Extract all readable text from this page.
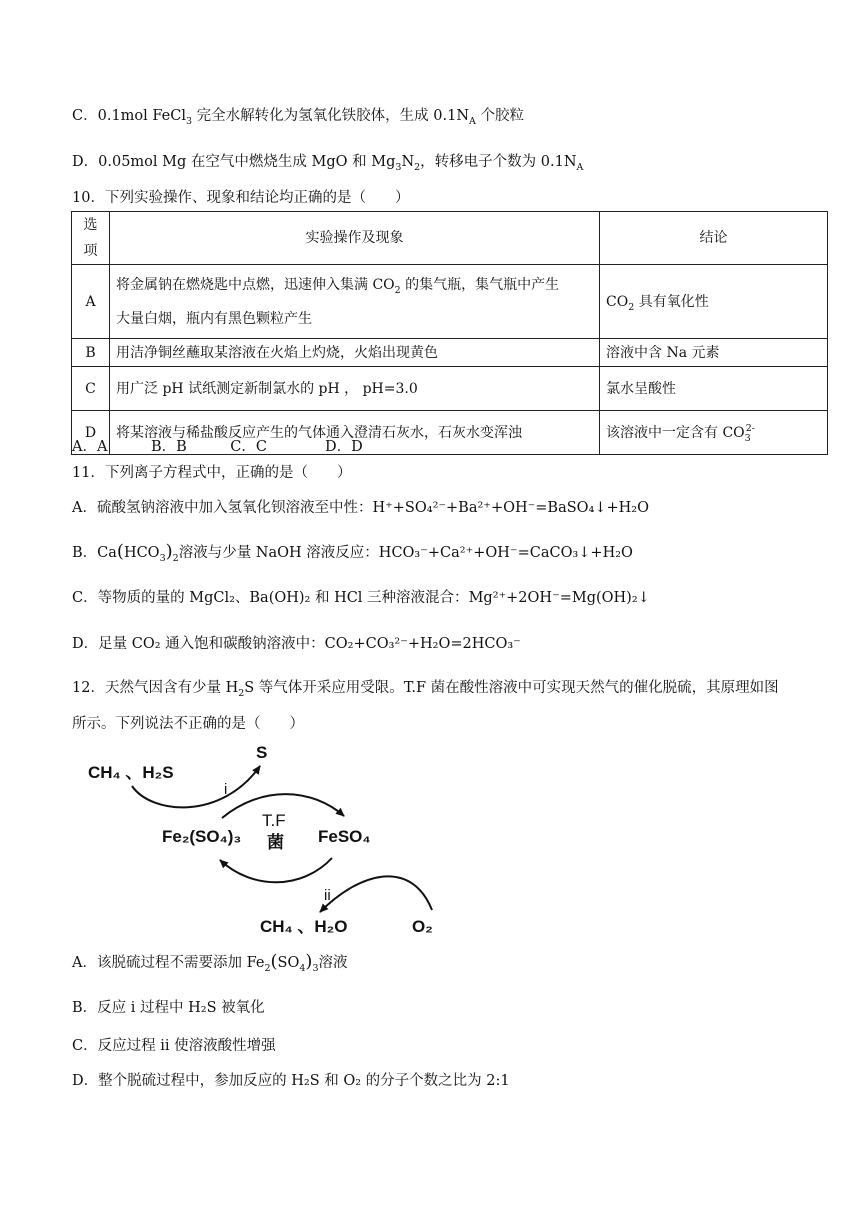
C．0.1mol FeCl$_3$ 完全水解转化为氢氧化铁胶体，生成 $0.1N_A$ 个胶粒
D．0.05mol Mg 在空气中燃烧生成 MgO 和 $Mg_3N_2$，转移电子个数为 $0.1N_A$
10．下列实验操作、现象和结论均正确的是（　　）
选项	实验操作及现象	结论
A	将金属钠在燃烧匙中点燃，迅速伸入集满 $CO_2$ 的集气瓶，集气瓶中产生
大量白烟，瓶内有黑色颗粒产生	$CO_2$ 具有氧化性
B	用洁净铜丝蘸取某溶液在火焰上灼烧，火焰出现黄色	溶液中含 Na 元素
C	用广泛 pH 试纸测定新制氯水的 pH ， pH=3.0	氯水呈酸性
D	将某溶液与稀盐酸反应产生的气体通入澄清石灰水，石灰水变浑浊	该溶液中一定含有 $CO_3^{2-}$
A．A　　　B．B　　　C．C　　　　D．D
11．下列离子方程式中，正确的是（　　）
A．硫酸氢钠溶液中加入氢氧化钡溶液至中性：H⁺+SO₄²⁻+Ba²⁺+OH⁻=BaSO₄↓+H₂O
B．$Ca(HCO_3)_2$溶液与少量 NaOH 溶液反应：HCO₃⁻+Ca²⁺+OH⁻=CaCO₃↓+H₂O
C．等物质的量的 MgCl₂、Ba(OH)₂ 和 HCl 三种溶液混合：Mg²⁺+2OH⁻=Mg(OH)₂↓
D．足量 CO₂ 通入饱和碳酸钠溶液中：CO₂+CO₃²⁻+H₂O=2HCO₃⁻
12．天然气因含有少量 $H_2S$ 等气体开采应用受限。T.F 菌在酸性溶液中可实现天然气的催化脱硫，其原理如图
所示。下列说法不正确的是（　　）
CH₄ 、H₂S
S
i
T.F
菌
Fe₂(SO₄)₃	FeSO₄
ii
CH₄ 、H₂O	O₂
A．该脱硫过程不需要添加 $Fe_2(SO_4)_3$溶液
B．反应 i 过程中 H₂S 被氧化
C．反应过程 ii 使溶液酸性增强
D．整个脱硫过程中，参加反应的 H₂S 和 O₂ 的分子个数之比为 2:1
